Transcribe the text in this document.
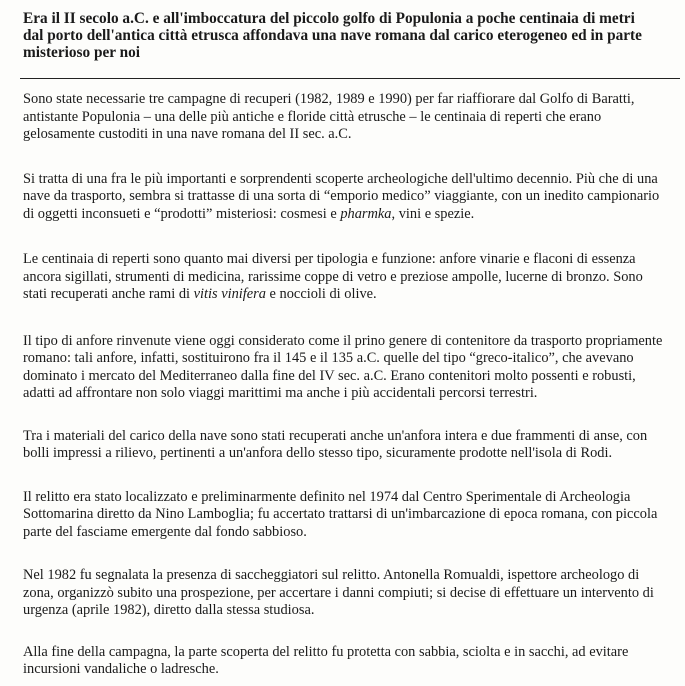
Era il II secolo a.C. e all'imboccatura del piccolo golfo di Populonia a poche centinaia di metri dal porto dell'antica città etrusca affondava una nave romana dal carico eterogeneo ed in parte misterioso per noi

Sono state necessarie tre campagne di recuperi (1982, 1989 e 1990) per far riaffiorare dal Golfo di Baratti, antistante Populonia – una delle più antiche e floride città etrusche – le centinaia di reperti che erano gelosamente custoditi in una nave romana del II sec. a.C.

Si tratta di una fra le più importanti e sorprendenti scoperte archeologiche dell'ultimo decennio. Più che di una nave da trasporto, sembra si trattasse di una sorta di “emporio medico” viaggiante, con un inedito campionario di oggetti inconsueti e “prodotti” misteriosi: cosmesi e pharmka, vini e spezie.

Le centinaia di reperti sono quanto mai diversi per tipologia e funzione: anfore vinarie e flaconi di essenza ancora sigillati, strumenti di medicina, rarissime coppe di vetro e preziose ampolle, lucerne di bronzo. Sono stati recuperati anche rami di vitis vinifera e noccioli di olive.

Il tipo di anfore rinvenute viene oggi considerato come il prino genere di contenitore da trasporto propriamente romano: tali anfore, infatti, sostituirono fra il 145 e il 135 a.C. quelle del tipo “greco-italico”, che avevano dominato i mercato del Mediterraneo dalla fine del IV sec. a.C. Erano contenitori molto possenti e robusti, adatti ad affrontare non solo viaggi marittimi ma anche i più accidentali percorsi terrestri.

Tra i materiali del carico della nave sono stati recuperati anche un'anfora intera e due frammenti di anse, con bolli impressi a rilievo, pertinenti a un'anfora dello stesso tipo, sicuramente prodotte nell'isola di Rodi.

Il relitto era stato localizzato e preliminarmente definito nel 1974 dal Centro Sperimentale di Archeologia Sottomarina diretto da Nino Lamboglia; fu accertato trattarsi di un'imbarcazione di epoca romana, con piccola parte del fasciame emergente dal fondo sabbioso.

Nel 1982 fu segnalata la presenza di saccheggiatori sul relitto. Antonella Romualdi, ispettore archeologo di zona, organizzò subito una prospezione, per accertare i danni compiuti; si decise di effettuare un intervento di urgenza (aprile 1982), diretto dalla stessa studiosa.

Alla fine della campagna, la parte scoperta del relitto fu protetta con sabbia, sciolta e in sacchi, ad evitare incursioni vandaliche o ladresche.
